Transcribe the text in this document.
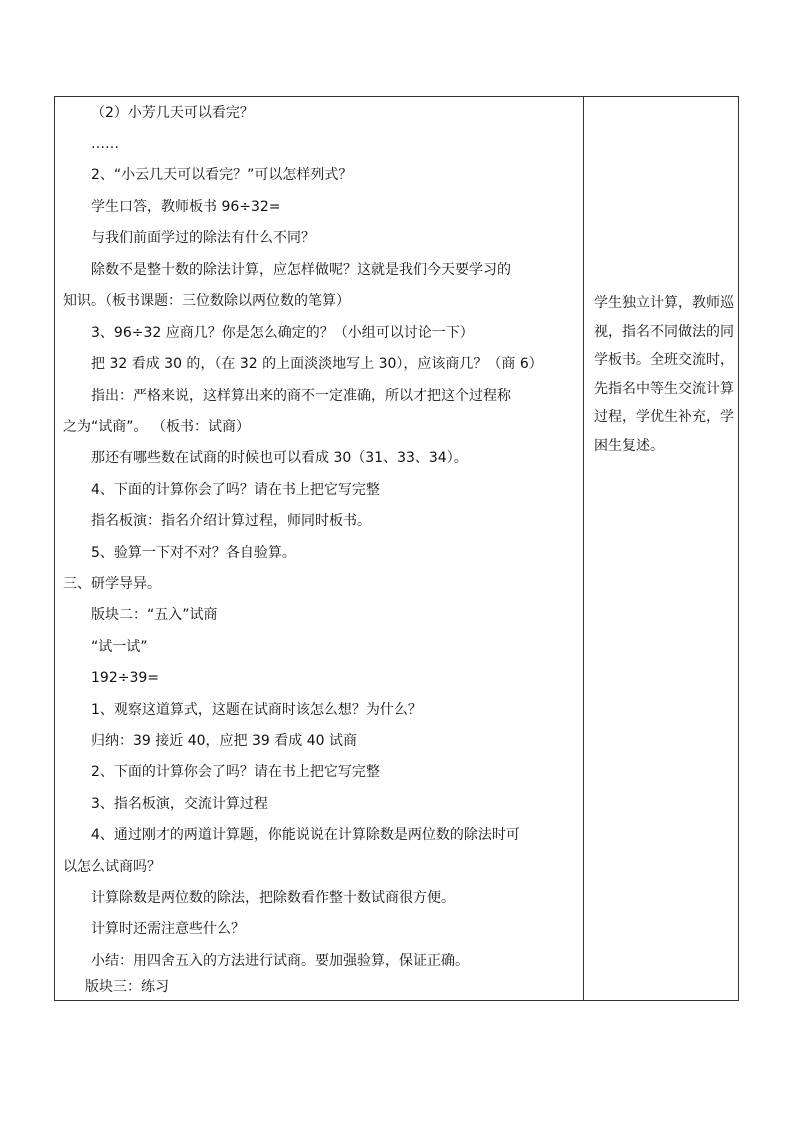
（2）小芳几天可以看完？
……
2、“小云几天可以看完？”可以怎样列式？
学生口答，教师板书 96÷32=
与我们前面学过的除法有什么不同？
除数不是整十数的除法计算，应怎样做呢？这就是我们今天要学习的
知识。（板书课题：三位数除以两位数的笔算）
3、96÷32 应商几？你是怎么确定的？（小组可以讨论一下）
把 32 看成 30 的，（在 32 的上面淡淡地写上 30），应该商几？（商 6）
指出：严格来说，这样算出来的商不一定准确，所以才把这个过程称
之为“试商”。 （板书：试商）
那还有哪些数在试商的时候也可以看成 30（31、33、34）。
4、下面的计算你会了吗？请在书上把它写完整
指名板演：指名介绍计算过程，师同时板书。
5、验算一下对不对？各自验算。
三、研学导异。
版块二：“五入”试商
“试一试”
192÷39=
1、观察这道算式，这题在试商时该怎么想？为什么？
归纳：39 接近 40，应把 39 看成 40 试商
2、下面的计算你会了吗？请在书上把它写完整
3、指名板演，交流计算过程
4、通过刚才的两道计算题，你能说说在计算除数是两位数的除法时可
以怎么试商吗？
计算除数是两位数的除法，把除数看作整十数试商很方便。
计算时还需注意些什么？
小结：用四舍五入的方法进行试商。要加强验算，保证正确。
版块三：练习
学生独立计算，教师巡视，指名不同做法的同学板书。全班交流时，先指名中等生交流计算过程，学优生补充，学困生复述。
